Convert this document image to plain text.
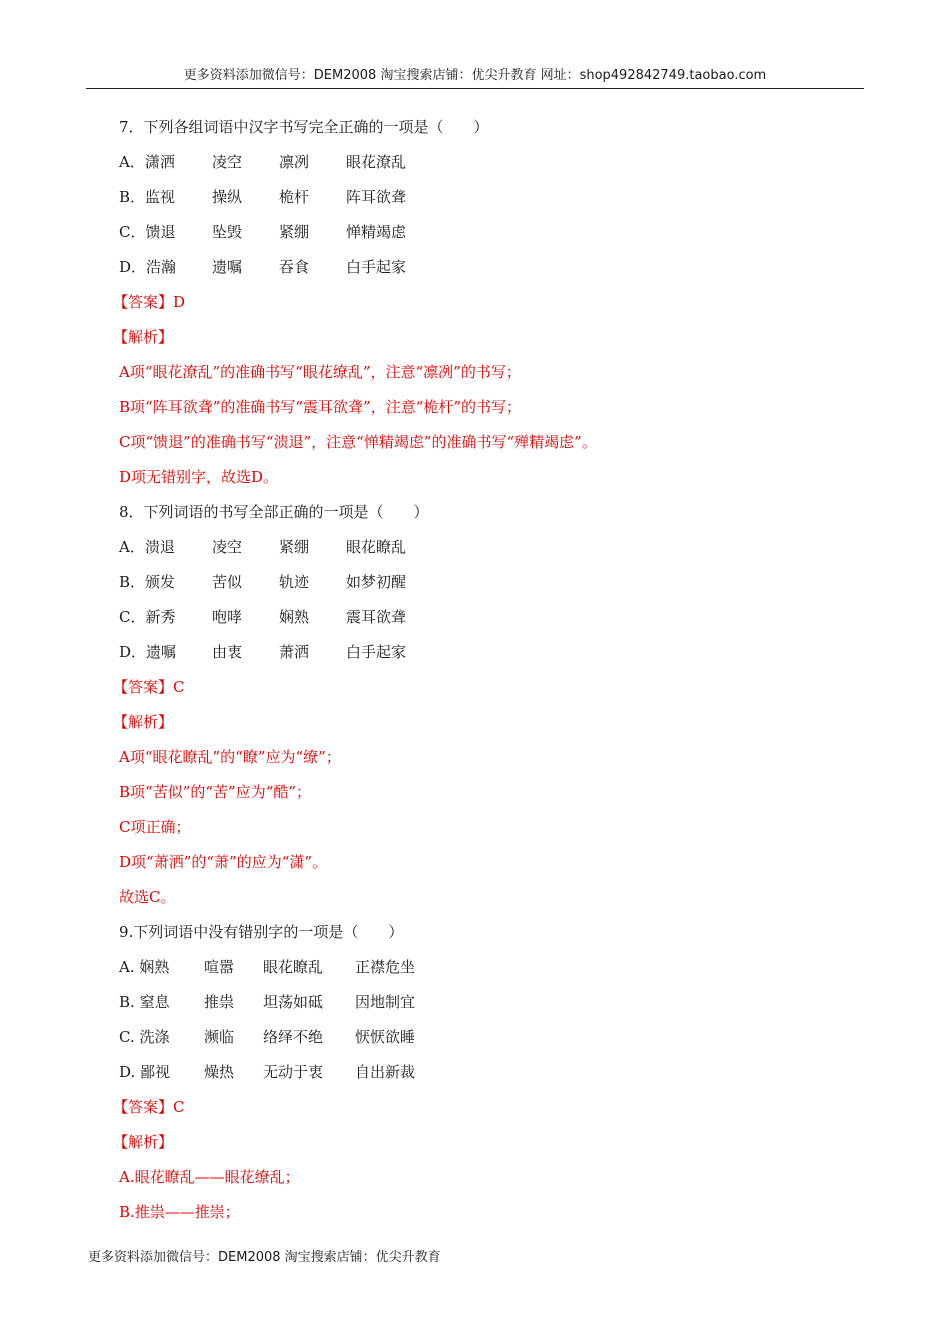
更多资料添加微信号：DEM2008 淘宝搜索店铺：优尖升教育 网址：shop492842749.taobao.com
7．下列各组词语中汉字书写完全正确的一项是（　　）
A．潇洒 凌空 凛冽 眼花潦乱
B．监视 操纵 桅杆 阵耳欲聋
C．馈退 坠毁 紧绷 惮精竭虑
D．浩瀚 遗嘱 吞食 白手起家
【答案】D
【解析】
A项“眼花潦乱”的准确书写“眼花缭乱”，注意“凛冽”的书写；
B项“阵耳欲聋”的准确书写“震耳欲聋”，注意“桅杆”的书写；
C项“馈退”的准确书写“溃退”，注意“惮精竭虑”的准确书写“殚精竭虑”。
D项无错别字，故选D。
8．下列词语的书写全部正确的一项是（　　）
A．溃退 凌空 紧绷 眼花瞭乱
B．颁发 苦似 轨迹 如梦初醒
C．新秀 咆哮 娴熟 震耳欲聋
D．遗嘱 由衷 萧洒 白手起家
【答案】C
【解析】
A项“眼花瞭乱”的“瞭”应为“缭”；
B项“苦似”的“苦”应为“酷”；
C项正确；
D项“萧洒”的“萧”的应为“潇”。
故选C。
9.下列词语中没有错别字的一项是（　　）
A. 娴熟 喧嚣 眼花瞭乱 正襟危坐
B. 窒息 推祟 坦荡如砥 因地制宜
C. 洗涤 濒临 络绎不绝 恹恹欲睡
D. 鄙视 燥热 无动于衷 自出新裁
【答案】C
【解析】
A.眼花瞭乱——眼花缭乱；
B.推祟——推崇；
更多资料添加微信号：DEM2008 淘宝搜索店铺：优尖升教育
